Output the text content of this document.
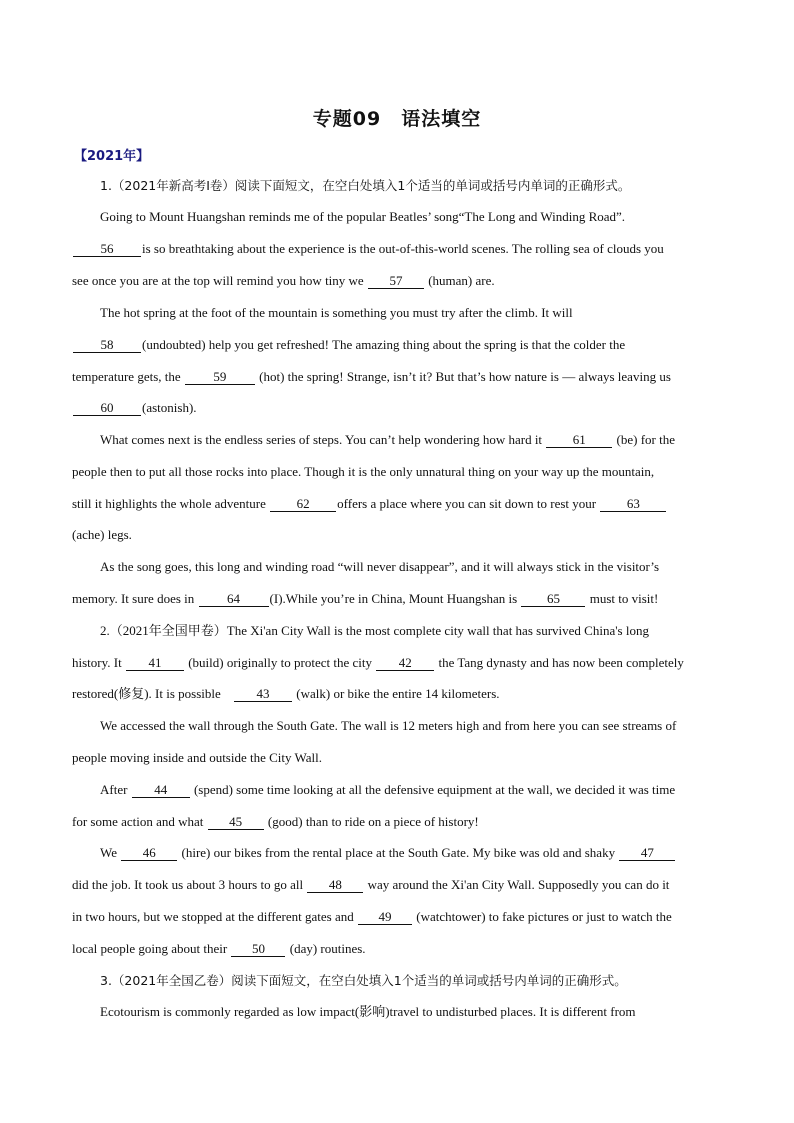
专题09　语法填空
【2021年】
1.（2021年新高考I卷）阅读下面短文，在空白处填入1个适当的单词或括号内单词的正确形式。
Going to Mount Huangshan reminds me of the popular Beatles’ song“The Long and Winding Road”.
56 is so breathtaking about the experience is the out-of-this-world scenes. The rolling sea of clouds you
see once you are at the top will remind you how tiny we 57 (human) are.
The hot spring at the foot of the mountain is something you must try after the climb. It will
58 (undoubted) help you get refreshed! The amazing thing about the spring is that the colder the
temperature gets, the	59	(hot) the spring! Strange, isn’t it? But that’s how nature is — always leaving us
60 (astonish).
What comes next is the endless series of steps. You can’t help wondering how hard it 61 (be) for the
people then to put all those rocks into place. Though it is the only unnatural thing on your way up the mountain,
still it highlights the whole adventure 62 offers a place where you can sit down to rest your 63
(ache) legs.
As the song goes, this long and winding road “will never disappear”, and it will always stick in the visitor’s
memory. It sure does in	64 (I).While you’re in China, Mount Huangshan is 65 must to visit!
2.（2021年全国甲卷）The Xi'an City Wall is the most complete city wall that has survived China's long
history. It 41 (build) originally to protect the city 42 the Tang dynasty and has now been completely
restored(修复). It is possible	43 (walk) or bike the entire 14 kilometers.
We accessed the wall through the South Gate. The wall is 12 meters high and from here you can see streams of
people moving inside and outside the City Wall.
After 44 (spend) some time looking at all the defensive equipment at the wall, we decided it was time
for some action and what 45 (good) than to ride on a piece of history!
We 46 (hire) our bikes from the rental place at the South Gate. My bike was old and shaky 47
did the job. It took us about 3 hours to go all 48 way around the Xi'an City Wall. Supposedly you can do it
in two hours, but we stopped at the different gates and 49 (watchtower) to fake pictures or just to watch the
local people going about their 50 (day) routines.
3.（2021年全国乙卷）阅读下面短文，在空白处填入1个适当的单词或括号内单词的正确形式。
Ecotourism is commonly regarded as low impact(影响)travel to undisturbed places. It is different from
